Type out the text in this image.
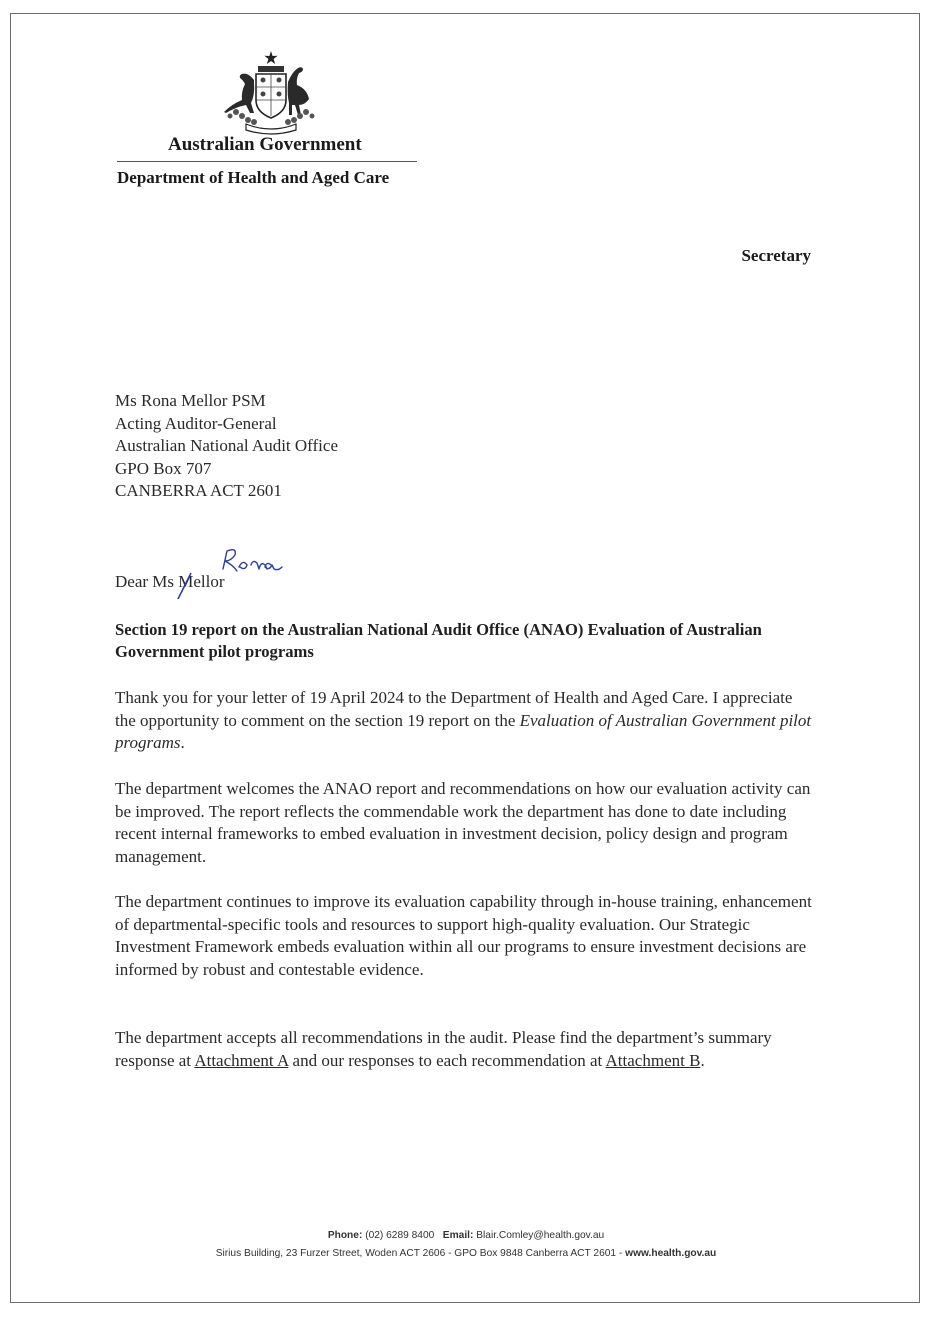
Australian Government
Department of Health and Aged Care
Secretary
Ms Rona Mellor PSM
Acting Auditor-General
Australian National Audit Office
GPO Box 707
CANBERRA ACT 2601
Dear Ms Mellor
Section 19 report on the Australian National Audit Office (ANAO) Evaluation of Australian Government pilot programs
Thank you for your letter of 19 April 2024 to the Department of Health and Aged Care. I appreciate the opportunity to comment on the section 19 report on the Evaluation of Australian Government pilot programs.
The department welcomes the ANAO report and recommendations on how our evaluation activity can be improved. The report reflects the commendable work the department has done to date including recent internal frameworks to embed evaluation in investment decision, policy design and program management.
The department continues to improve its evaluation capability through in-house training, enhancement of departmental-specific tools and resources to support high-quality evaluation. Our Strategic Investment Framework embeds evaluation within all our programs to ensure investment decisions are informed by robust and contestable evidence.
The department accepts all recommendations in the audit. Please find the department’s summary response at Attachment A and our responses to each recommendation at Attachment B.
Phone: (02) 6289 8400 Email: Blair.Comley@health.gov.au
Sirius Building, 23 Furzer Street, Woden ACT 2606 - GPO Box 9848 Canberra ACT 2601 - www.health.gov.au
